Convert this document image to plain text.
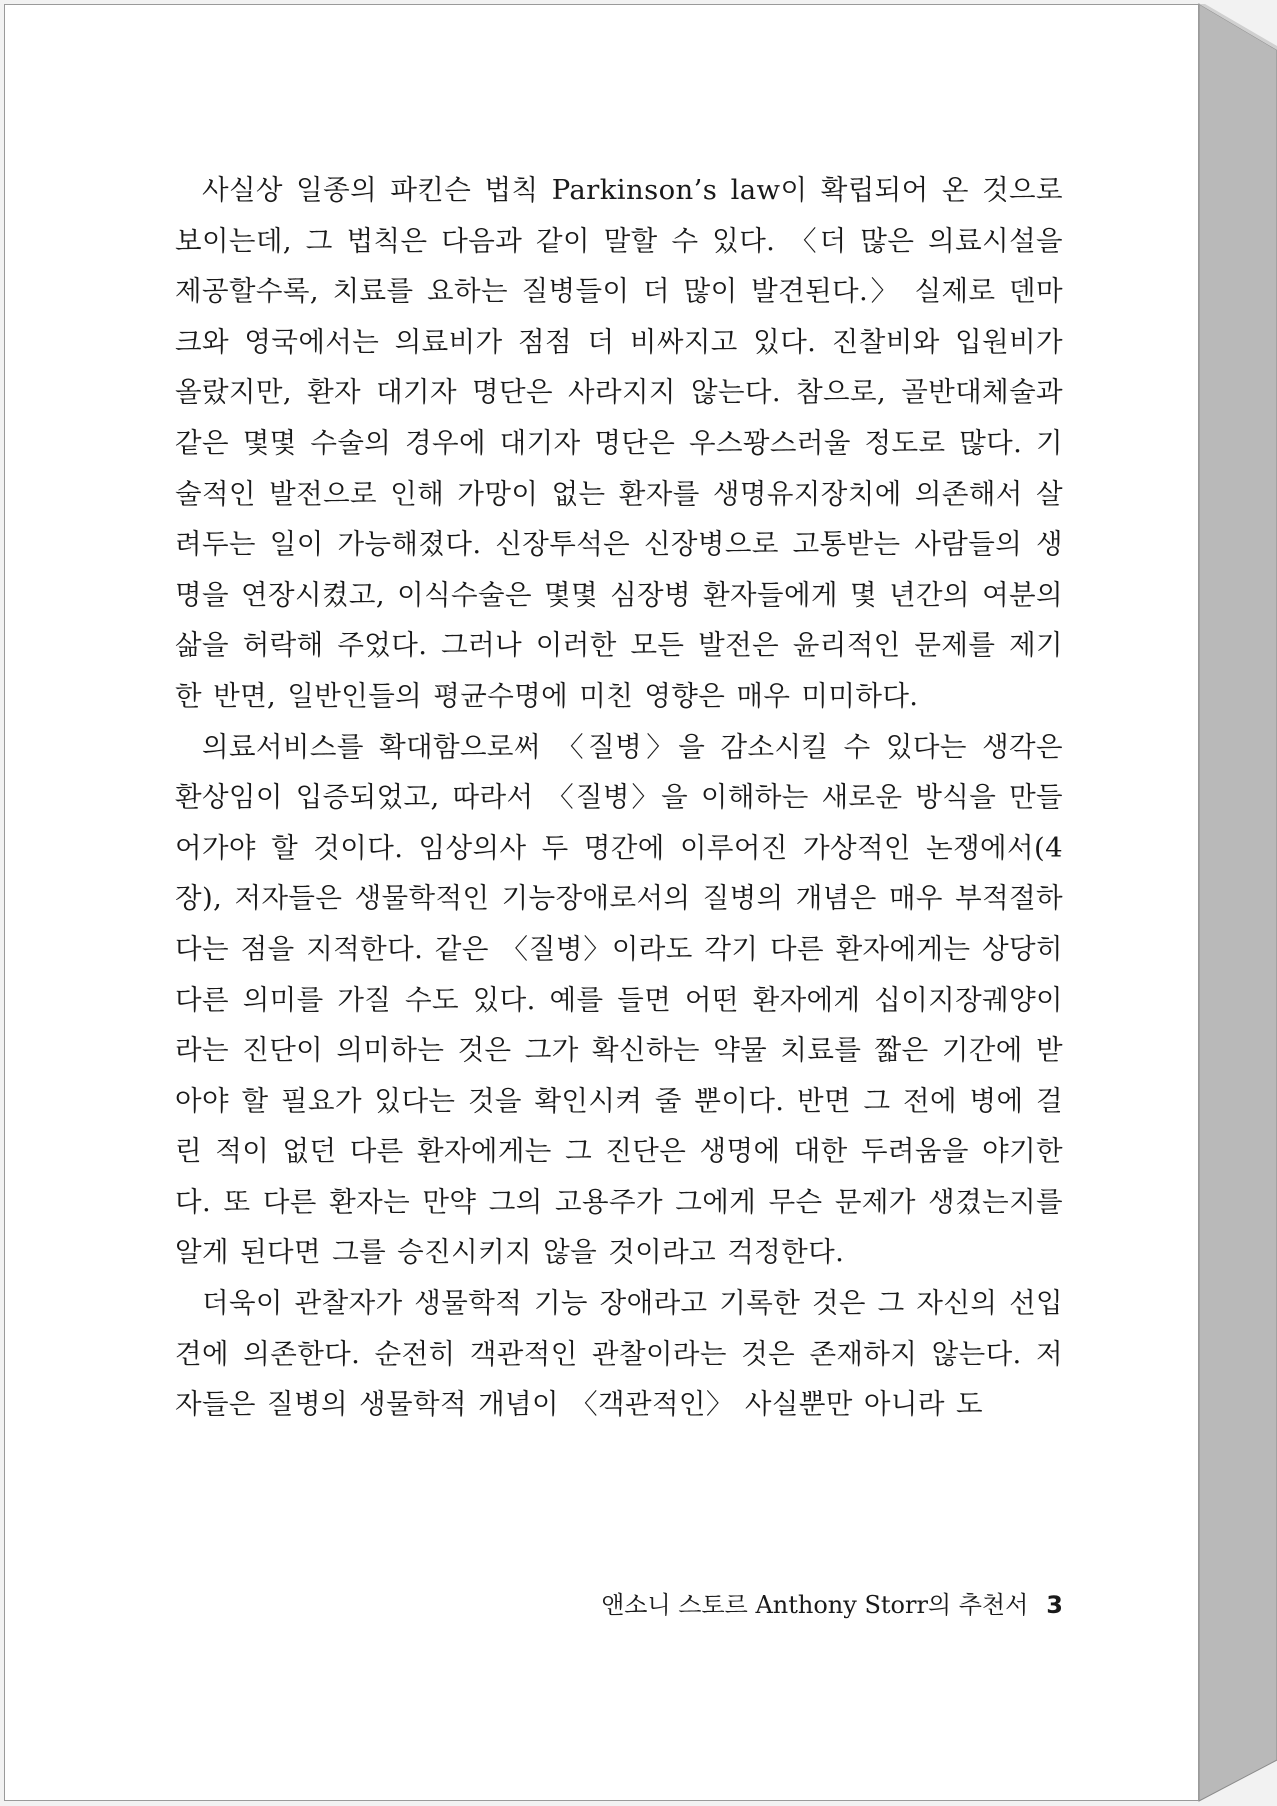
사실상 일종의 파킨슨 법칙 Parkinson’s law이 확립되어 온 것으로 보이는데, 그 법칙은 다음과 같이 말할 수 있다. 〈더 많은 의료시설을 제공할수록, 치료를 요하는 질병들이 더 많이 발견된다.〉 실제로 덴마크와 영국에서는 의료비가 점점 더 비싸지고 있다. 진찰비와 입원비가 올랐지만, 환자 대기자 명단은 사라지지 않는다. 참으로, 골반대체술과 같은 몇몇 수술의 경우에 대기자 명단은 우스꽝스러울 정도로 많다. 기술적인 발전으로 인해 가망이 없는 환자를 생명유지장치에 의존해서 살려두는 일이 가능해졌다. 신장투석은 신장병으로 고통받는 사람들의 생명을 연장시켰고, 이식수술은 몇몇 심장병 환자들에게 몇 년간의 여분의 삶을 허락해 주었다. 그러나 이러한 모든 발전은 윤리적인 문제를 제기한 반면, 일반인들의 평균수명에 미친 영향은 매우 미미하다.

의료서비스를 확대함으로써 〈질병〉을 감소시킬 수 있다는 생각은 환상임이 입증되었고, 따라서 〈질병〉을 이해하는 새로운 방식을 만들어가야 할 것이다. 임상의사 두 명간에 이루어진 가상적인 논쟁에서(4장), 저자들은 생물학적인 기능장애로서의 질병의 개념은 매우 부적절하다는 점을 지적한다. 같은 〈질병〉이라도 각기 다른 환자에게는 상당히 다른 의미를 가질 수도 있다. 예를 들면 어떤 환자에게 십이지장궤양이라는 진단이 의미하는 것은 그가 확신하는 약물 치료를 짧은 기간에 받아야 할 필요가 있다는 것을 확인시켜 줄 뿐이다. 반면 그 전에 병에 걸린 적이 없던 다른 환자에게는 그 진단은 생명에 대한 두려움을 야기한다. 또 다른 환자는 만약 그의 고용주가 그에게 무슨 문제가 생겼는지를 알게 된다면 그를 승진시키지 않을 것이라고 걱정한다.

더욱이 관찰자가 생물학적 기능 장애라고 기록한 것은 그 자신의 선입견에 의존한다. 순전히 객관적인 관찰이라는 것은 존재하지 않는다. 저자들은 질병의 생물학적 개념이 〈객관적인〉 사실뿐만 아니라 도

앤소니 스토르 Anthony Storr의 추천서 3
